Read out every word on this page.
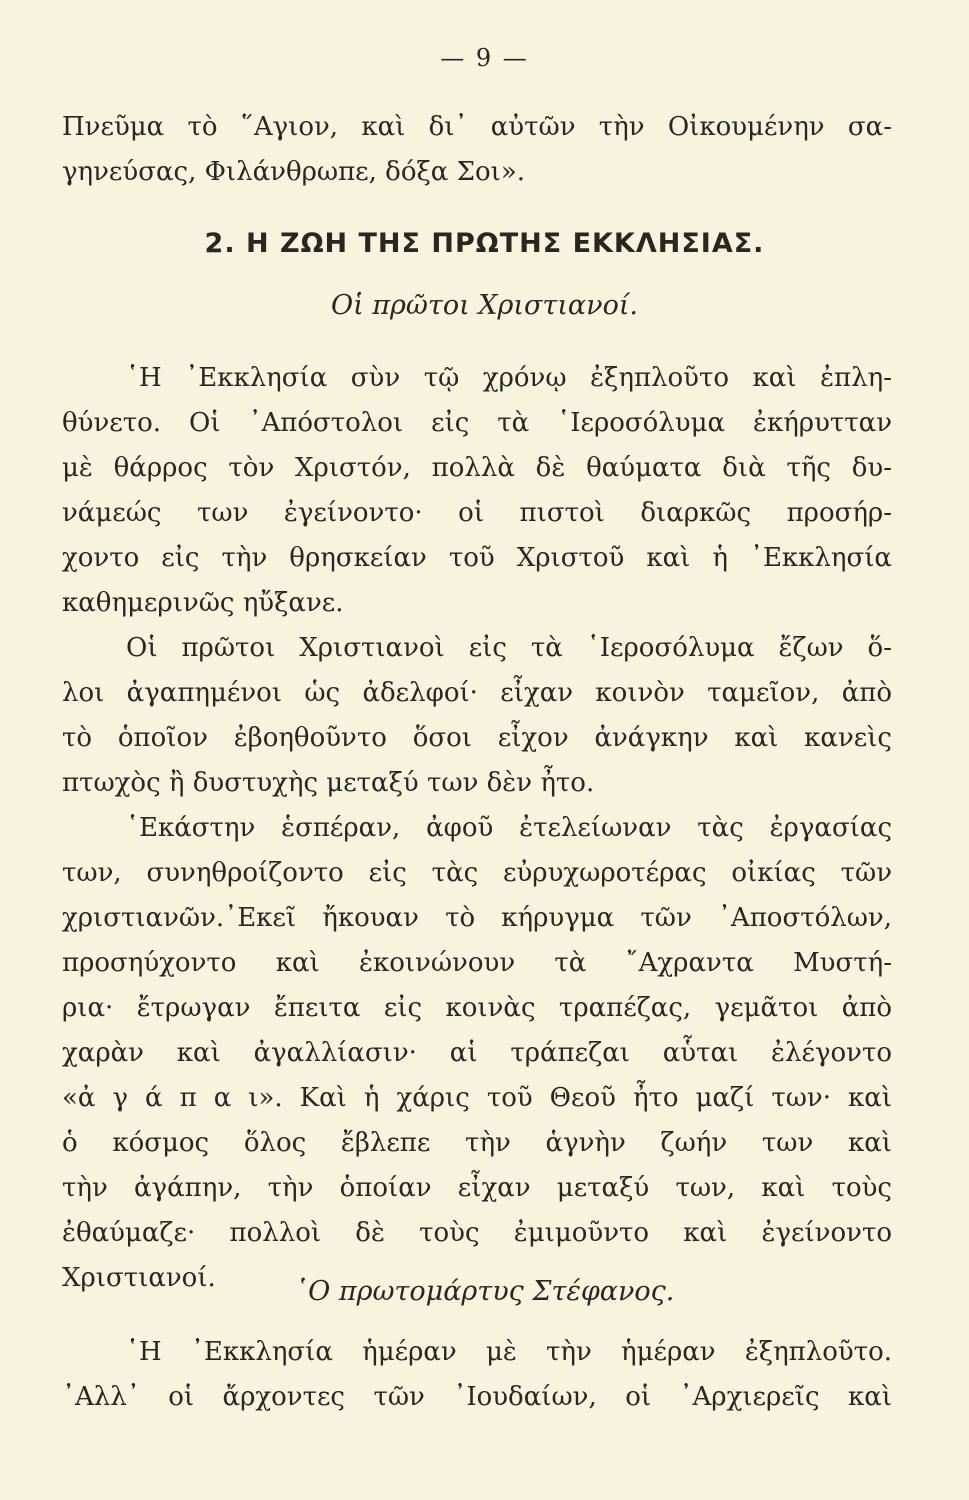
— 9 —
Πνεῦμα τὸ ῞Αγιον, καὶ δι᾽ αὐτῶν τὴν Οἰκουμένην σα-
γηνεύσας, Φιλάνθρωπε, δόξα Σοι».
2. Η ΖΩΗ ΤΗΣ ΠΡΩΤΗΣ ΕΚΚΛΗΣΙΑΣ.
Οἱ πρῶτοι Χριστιανοί.
῾Η ᾿Εκκλησία σὺν τῷ χρόνῳ ἐξηπλοῦτο καὶ ἐπλη-
θύνετο. Οἱ ᾿Απόστολοι εἰς τὰ ῾Ιεροσόλυμα ἐκήρυτταν
μὲ θάρρος τὸν Χριστόν, πολλὰ δὲ θαύματα διὰ τῆς δυ-
νάμεώς των ἐγείνοντο· οἱ πιστοὶ διαρκῶς προσήρ-
χοντο εἰς τὴν θρησκείαν τοῦ Χριστοῦ καὶ ἡ ᾿Εκκλησία
καθημερινῶς ηὔξανε.
Οἱ πρῶτοι Χριστιανοὶ εἰς τὰ ῾Ιεροσόλυμα ἔζων ὅ-
λοι ἀγαπημένοι ὡς ἀδελφοί· εἶχαν κοινὸν ταμεῖον, ἀπὸ
τὸ ὁποῖον ἐβοηθοῦντο ὅσοι εἶχον ἀνάγκην καὶ κανεὶς
πτωχὸς ἢ δυστυχὴς μεταξύ των δὲν ἦτο.
῾Εκάστην ἑσπέραν, ἀφοῦ ἐτελείωναν τὰς ἐργασίας
των, συνηθροίζοντο εἰς τὰς εὐρυχωροτέρας οἰκίας τῶν
χριστιανῶν.᾿Εκεῖ ἤκουαν τὸ κήρυγμα τῶν ᾿Αποστόλων,
προσηύχοντο καὶ ἐκοινώνουν τὰ ῎Αχραντα Μυστή-
ρια· ἔτρωγαν ἔπειτα εἰς κοινὰς τραπέζας, γεμᾶτοι ἀπὸ
χαρὰν καὶ ἀγαλλίασιν· αἱ τράπεζαι αὗται ἐλέγοντο
«ἀ γ ά π α ι». Καὶ ἡ χάρις τοῦ Θεοῦ ἦτο μαζί των· καὶ
ὁ κόσμος ὅλος ἔβλεπε τὴν ἁγνὴν ζωήν των καὶ
τὴν ἀγάπην, τὴν ὁποίαν εἶχαν μεταξύ των, καὶ τοὺς
ἐθαύμαζε· πολλοὶ δὲ τοὺς ἐμιμοῦντο καὶ ἐγείνοντο
Χριστιανοί.	῾Ο πρωτομάρτυς Στέφανος.
῾Η ᾿Εκκλησία ἡμέραν μὲ τὴν ἡμέραν ἐξηπλοῦτο.
᾿Αλλ᾽ οἱ ἄρχοντες τῶν ᾿Ιουδαίων, οἱ ᾿Αρχιερεῖς καὶ
